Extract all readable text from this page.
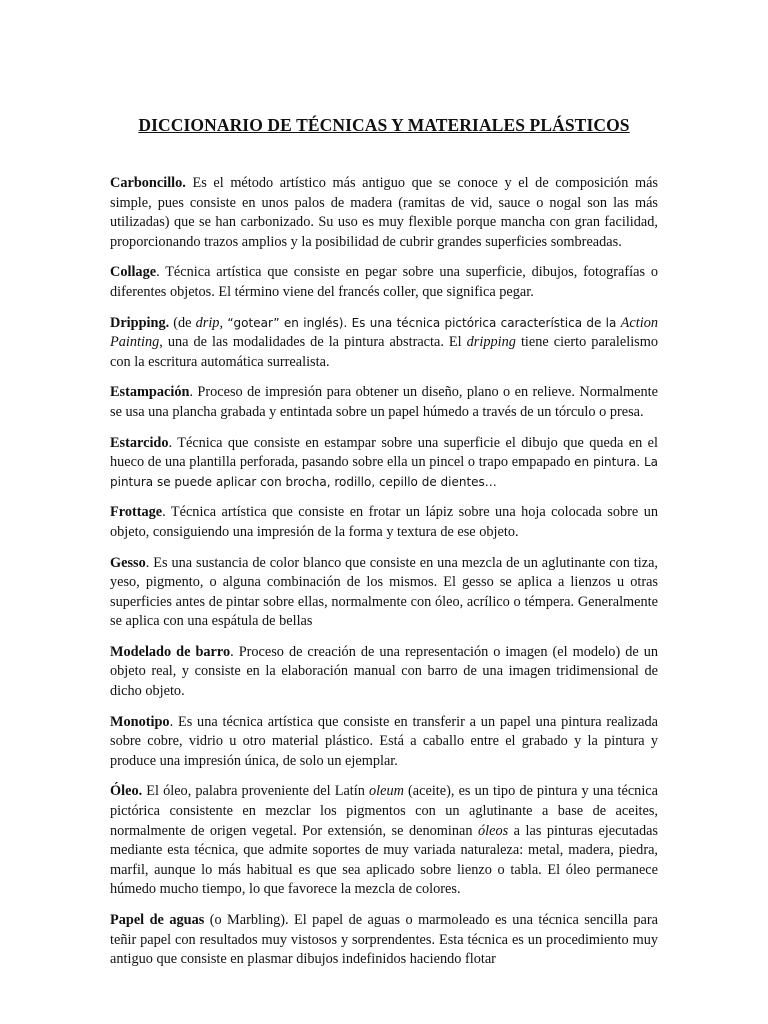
DICCIONARIO DE TÉCNICAS Y MATERIALES PLÁSTICOS

Carboncillo. Es el método artístico más antiguo que se conoce y el de composición más simple, pues consiste en unos palos de madera (ramitas de vid, sauce o nogal son las más utilizadas) que se han carbonizado. Su uso es muy flexible porque mancha con gran facilidad, proporcionando trazos amplios y la posibilidad de cubrir grandes superficies sombreadas.

Collage. Técnica artística que consiste en pegar sobre una superficie, dibujos, fotografías o diferentes objetos. El término viene del francés coller, que significa pegar.

Dripping. (de drip, “gotear” en inglés). Es una técnica pictórica característica de la Action Painting, una de las modalidades de la pintura abstracta. El dripping tiene cierto paralelismo con la escritura automática surrealista.

Estampación. Proceso de impresión para obtener un diseño, plano o en relieve. Normalmente se usa una plancha grabada y entintada sobre un papel húmedo a través de un tórculo o presa.

Estarcido. Técnica que consiste en estampar sobre una superficie el dibujo que queda en el hueco de una plantilla perforada, pasando sobre ella un pincel o trapo empapado en pintura. La pintura se puede aplicar con brocha, rodillo, cepillo de dientes…

Frottage. Técnica artística que consiste en frotar un lápiz sobre una hoja colocada sobre un objeto, consiguiendo una impresión de la forma y textura de ese objeto.

Gesso. Es una sustancia de color blanco que consiste en una mezcla de un aglutinante con tiza, yeso, pigmento, o alguna combinación de los mismos. El gesso se aplica a lienzos u otras superficies antes de pintar sobre ellas, normalmente con óleo, acrílico o témpera. Generalmente se aplica con una espátula de bellas

Modelado de barro. Proceso de creación de una representación o imagen (el modelo) de un objeto real, y consiste en la elaboración manual con barro de una imagen tridimensional de dicho objeto.

Monotipo. Es una técnica artística que consiste en transferir a un papel una pintura realizada sobre cobre, vidrio u otro material plástico. Está a caballo entre el grabado y la pintura y produce una impresión única, de solo un ejemplar.

Óleo. El óleo, palabra proveniente del Latín oleum (aceite), es un tipo de pintura y una técnica pictórica consistente en mezclar los pigmentos con un aglutinante a base de aceites, normalmente de origen vegetal. Por extensión, se denominan óleos a las pinturas ejecutadas mediante esta técnica, que admite soportes de muy variada naturaleza: metal, madera, piedra, marfil, aunque lo más habitual es que sea aplicado sobre lienzo o tabla. El óleo permanece húmedo mucho tiempo, lo que favorece la mezcla de colores.

Papel de aguas (o Marbling). El papel de aguas o marmoleado es una técnica sencilla para teñir papel con resultados muy vistosos y sorprendentes. Esta técnica es un procedimiento muy antiguo que consiste en plasmar dibujos indefinidos haciendo flotar
